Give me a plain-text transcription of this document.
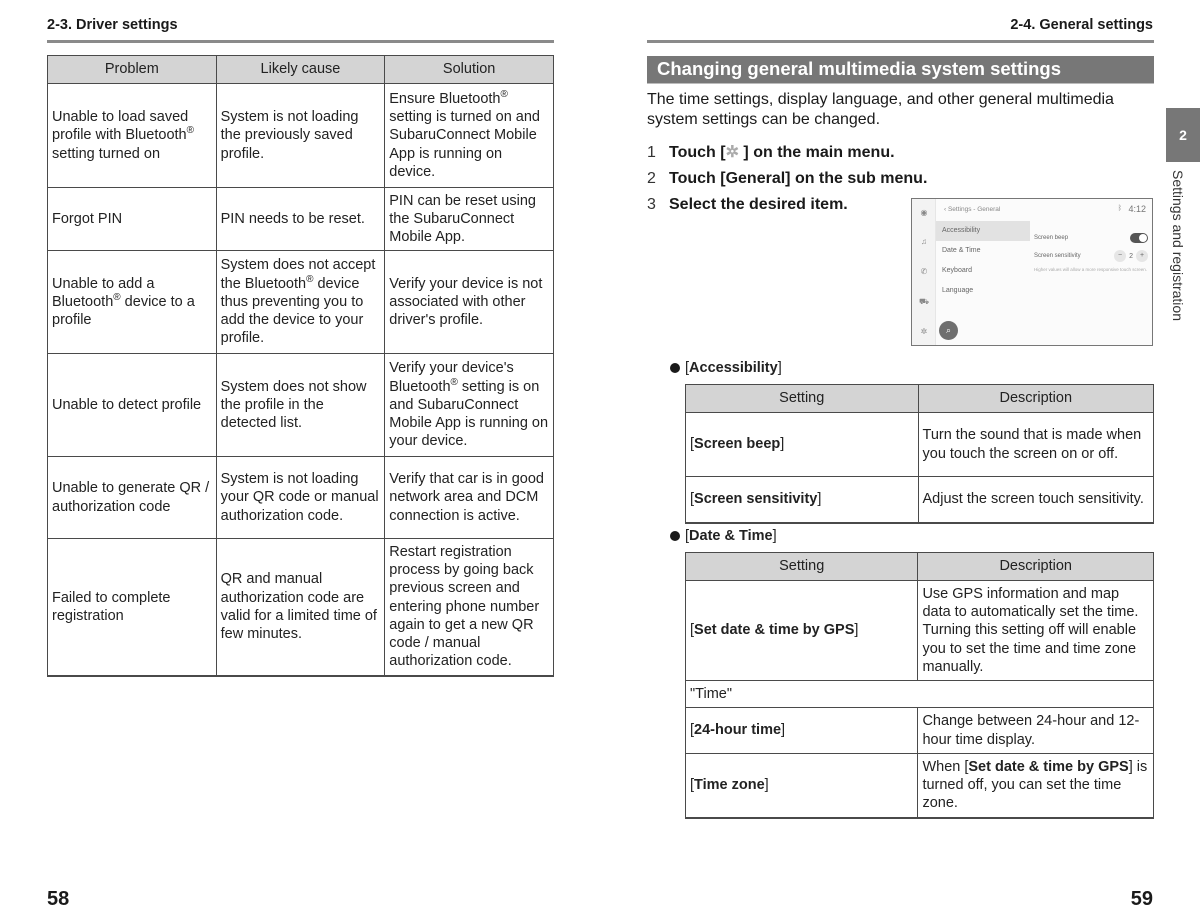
2-3. Driver settings
Problem	Likely cause	Solution
Unable to load saved profile with Bluetooth® setting turned on	System is not loading the previously saved profile.	Ensure Bluetooth® setting is turned on and SubaruConnect Mobile App is running on device.
Forgot PIN	PIN needs to be reset.	PIN can be reset using the SubaruConnect Mobile App.
Unable to add a Bluetooth® device to a profile	System does not accept the Bluetooth® device thus preventing you to add the device to your profile.	Verify your device is not associated with other driver's profile.
Unable to detect profile	System does not show the profile in the detected list.	Verify your device's Bluetooth® setting is on and SubaruConnect Mobile App is running on your device.
Unable to generate QR / authorization code	System is not loading your QR code or manual authorization code.	Verify that car is in good network area and DCM connection is active.
Failed to complete registration	QR and manual authorization code are valid for a limited time of few minutes.	Restart registration process by going back previous screen and entering phone number again to get a new QR code / manual authorization code.
58
2-4. General settings
Changing general multimedia system settings
The time settings, display language, and other general multimedia system settings can be changed.
1 Touch [✲ ] on the main menu.
2 Touch [General] on the sub menu.
3 Select the desired item.	◉
♫
✆
⛟
✲
‹ Settings - General	ᛒ 4:12
Accessibility
Date & Time
Keyboard
Language
Screen beep
Screen sensitivity	− 2 +
Higher values will allow a more responsive touch screen.
⌕
2
Settings and registration
[Accessibility]
Setting	Description
[Screen beep]	Turn the sound that is made when you touch the screen on or off.
[Screen sensitivity]	Adjust the screen touch sensitivity.
[Date & Time]
Setting	Description
[Set date & time by GPS]	Use GPS information and map data to automatically set the time. Turning this setting off will enable you to set the time and time zone manually.
"Time"	
[24-hour time]	Change between 24-hour and 12- hour time display.
[Time zone]	When [Set date & time by GPS] is turned off, you can set the time zone.
59
